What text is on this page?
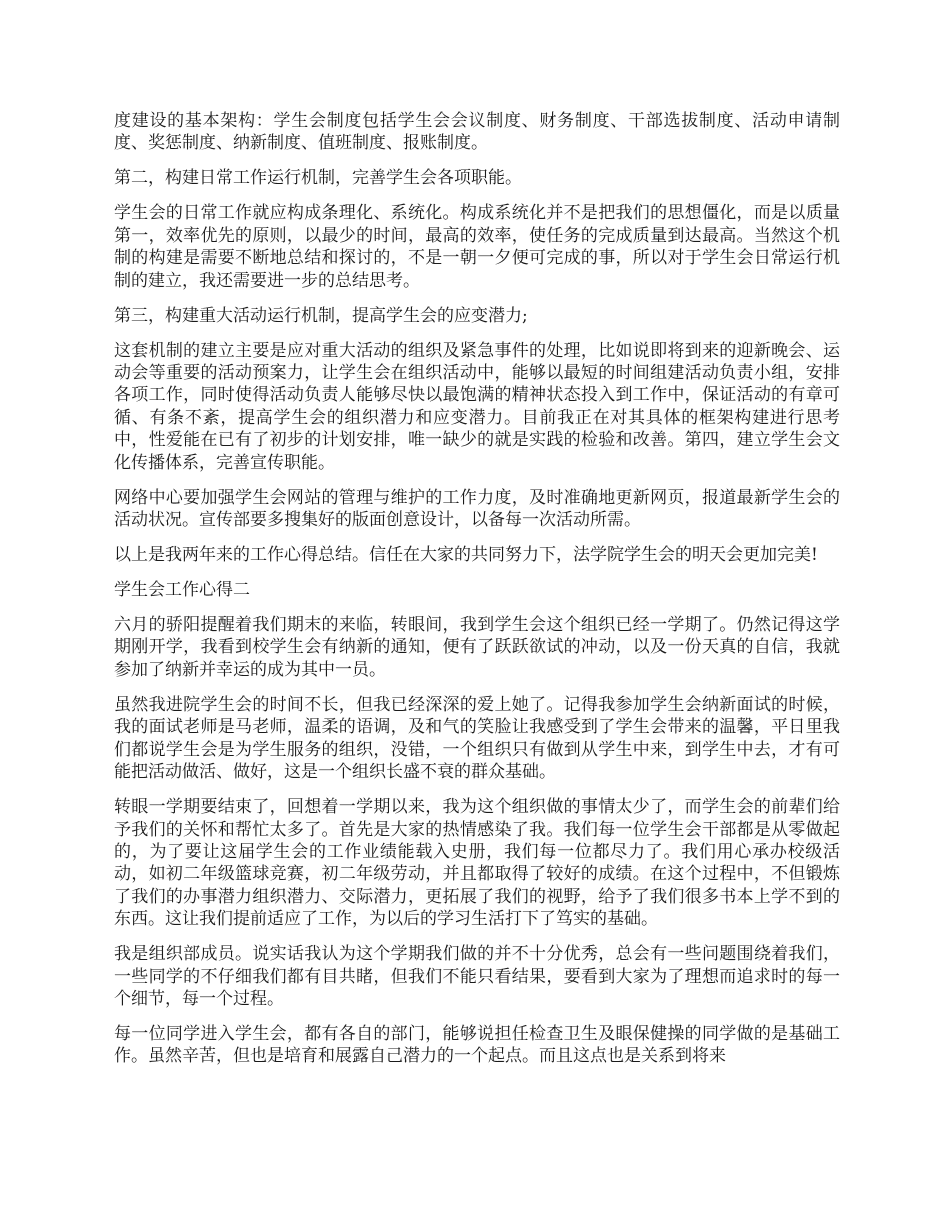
度建设的基本架构：学生会制度包括学生会会议制度、财务制度、干部选拔制度、活动申请制度、奖惩制度、纳新制度、值班制度、报账制度。

第二，构建日常工作运行机制，完善学生会各项职能。

学生会的日常工作就应构成条理化、系统化。构成系统化并不是把我们的思想僵化，而是以质量第一，效率优先的原则，以最少的时间，最高的效率，使任务的完成质量到达最高。当然这个机制的构建是需要不断地总结和探讨的，不是一朝一夕便可完成的事，所以对于学生会日常运行机制的建立，我还需要进一步的总结思考。

第三，构建重大活动运行机制，提高学生会的应变潜力;

这套机制的建立主要是应对重大活动的组织及紧急事件的处理，比如说即将到来的迎新晚会、运动会等重要的活动预案力，让学生会在组织活动中，能够以最短的时间组建活动负责小组，安排各项工作，同时使得活动负责人能够尽快以最饱满的精神状态投入到工作中，保证活动的有章可循、有条不紊，提高学生会的组织潜力和应变潜力。目前我正在对其具体的框架构建进行思考中，性爱能在已有了初步的计划安排，唯一缺少的就是实践的检验和改善。第四，建立学生会文化传播体系，完善宣传职能。

网络中心要加强学生会网站的管理与维护的工作力度，及时准确地更新网页，报道最新学生会的活动状况。宣传部要多搜集好的版面创意设计，以备每一次活动所需。

以上是我两年来的工作心得总结。信任在大家的共同努力下，法学院学生会的明天会更加完美!

学生会工作心得二

六月的骄阳提醒着我们期末的来临，转眼间，我到学生会这个组织已经一学期了。仍然记得这学期刚开学，我看到校学生会有纳新的通知，便有了跃跃欲试的冲动，以及一份天真的自信，我就参加了纳新并幸运的成为其中一员。

虽然我进院学生会的时间不长，但我已经深深的爱上她了。记得我参加学生会纳新面试的时候，我的面试老师是马老师，温柔的语调，及和气的笑脸让我感受到了学生会带来的温馨，平日里我们都说学生会是为学生服务的组织，没错，一个组织只有做到从学生中来，到学生中去，才有可能把活动做活、做好，这是一个组织长盛不衰的群众基础。

转眼一学期要结束了，回想着一学期以来，我为这个组织做的事情太少了，而学生会的前辈们给予我们的关怀和帮忙太多了。首先是大家的热情感染了我。我们每一位学生会干部都是从零做起的，为了要让这届学生会的工作业绩能载入史册，我们每一位都尽力了。我们用心承办校级活动，如初二年级篮球竞赛，初二年级劳动，并且都取得了较好的成绩。在这个过程中，不但锻炼了我们的办事潜力组织潜力、交际潜力，更拓展了我们的视野，给予了我们很多书本上学不到的东西。这让我们提前适应了工作，为以后的学习生活打下了笃实的基础。

我是组织部成员。说实话我认为这个学期我们做的并不十分优秀，总会有一些问题围绕着我们，一些同学的不仔细我们都有目共睹，但我们不能只看结果，要看到大家为了理想而追求时的每一个细节，每一个过程。

每一位同学进入学生会，都有各自的部门，能够说担任检查卫生及眼保健操的同学做的是基础工作。虽然辛苦，但也是培育和展露自己潜力的一个起点。而且这点也是关系到将来
